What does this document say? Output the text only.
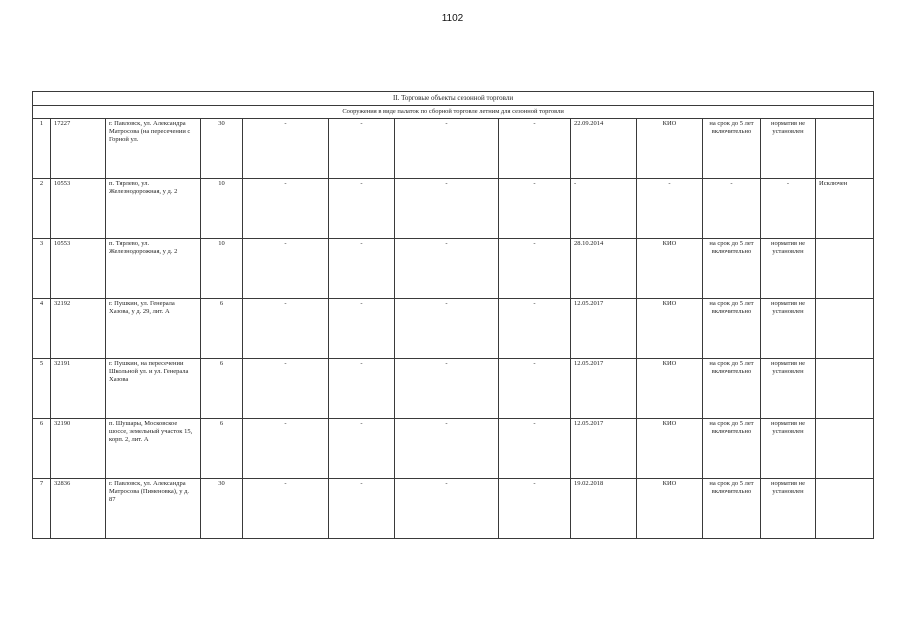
1102
II. Торговые объекты сезонной торговли												
Сооружения в виде палаток по сборной торговле летним для сезонной торговли												
1	17227	г. Павловск, ул. Александра Матросова (на пересечении с Горной ул.	30	-	-	-	-	22.09.2014	КИО	на срок до 5 лет включительно	норматив не установлен	
2	10553	п. Тярлево, ул. Железнодорожная, у д. 2	10	-	-	-	-	-	-	-	-	Исключен
3	10553	п. Тярлево, ул. Железнодорожная, у д. 2	10	-	-	-	-	28.10.2014	КИО	на срок до 5 лет включительно	норматив не установлен	
4	32192	г. Пушкин, ул. Генерала Хазова, у д. 29, лит. А	6	-	-	-	-	12.05.2017	КИО	на срок до 5 лет включительно	норматив не установлен	
5	32191	г. Пушкин, на пересечении Школьной ул. и ул. Генерала Хазова	6	-	-	-	-	12.05.2017	КИО	на срок до 5 лет включительно	норматив не установлен	
6	32190	п. Шушары, Московское шоссе, земельный участок 15, корп. 2, лит. А	6	-	-	-	-	12.05.2017	КИО	на срок до 5 лет включительно	норматив не установлен	
7	32836	г. Павловск, ул. Александра Матросова (Пименовка), у д. 87	30	-	-	-	-	19.02.2018	КИО	на срок до 5 лет включительно	норматив не установлен	
